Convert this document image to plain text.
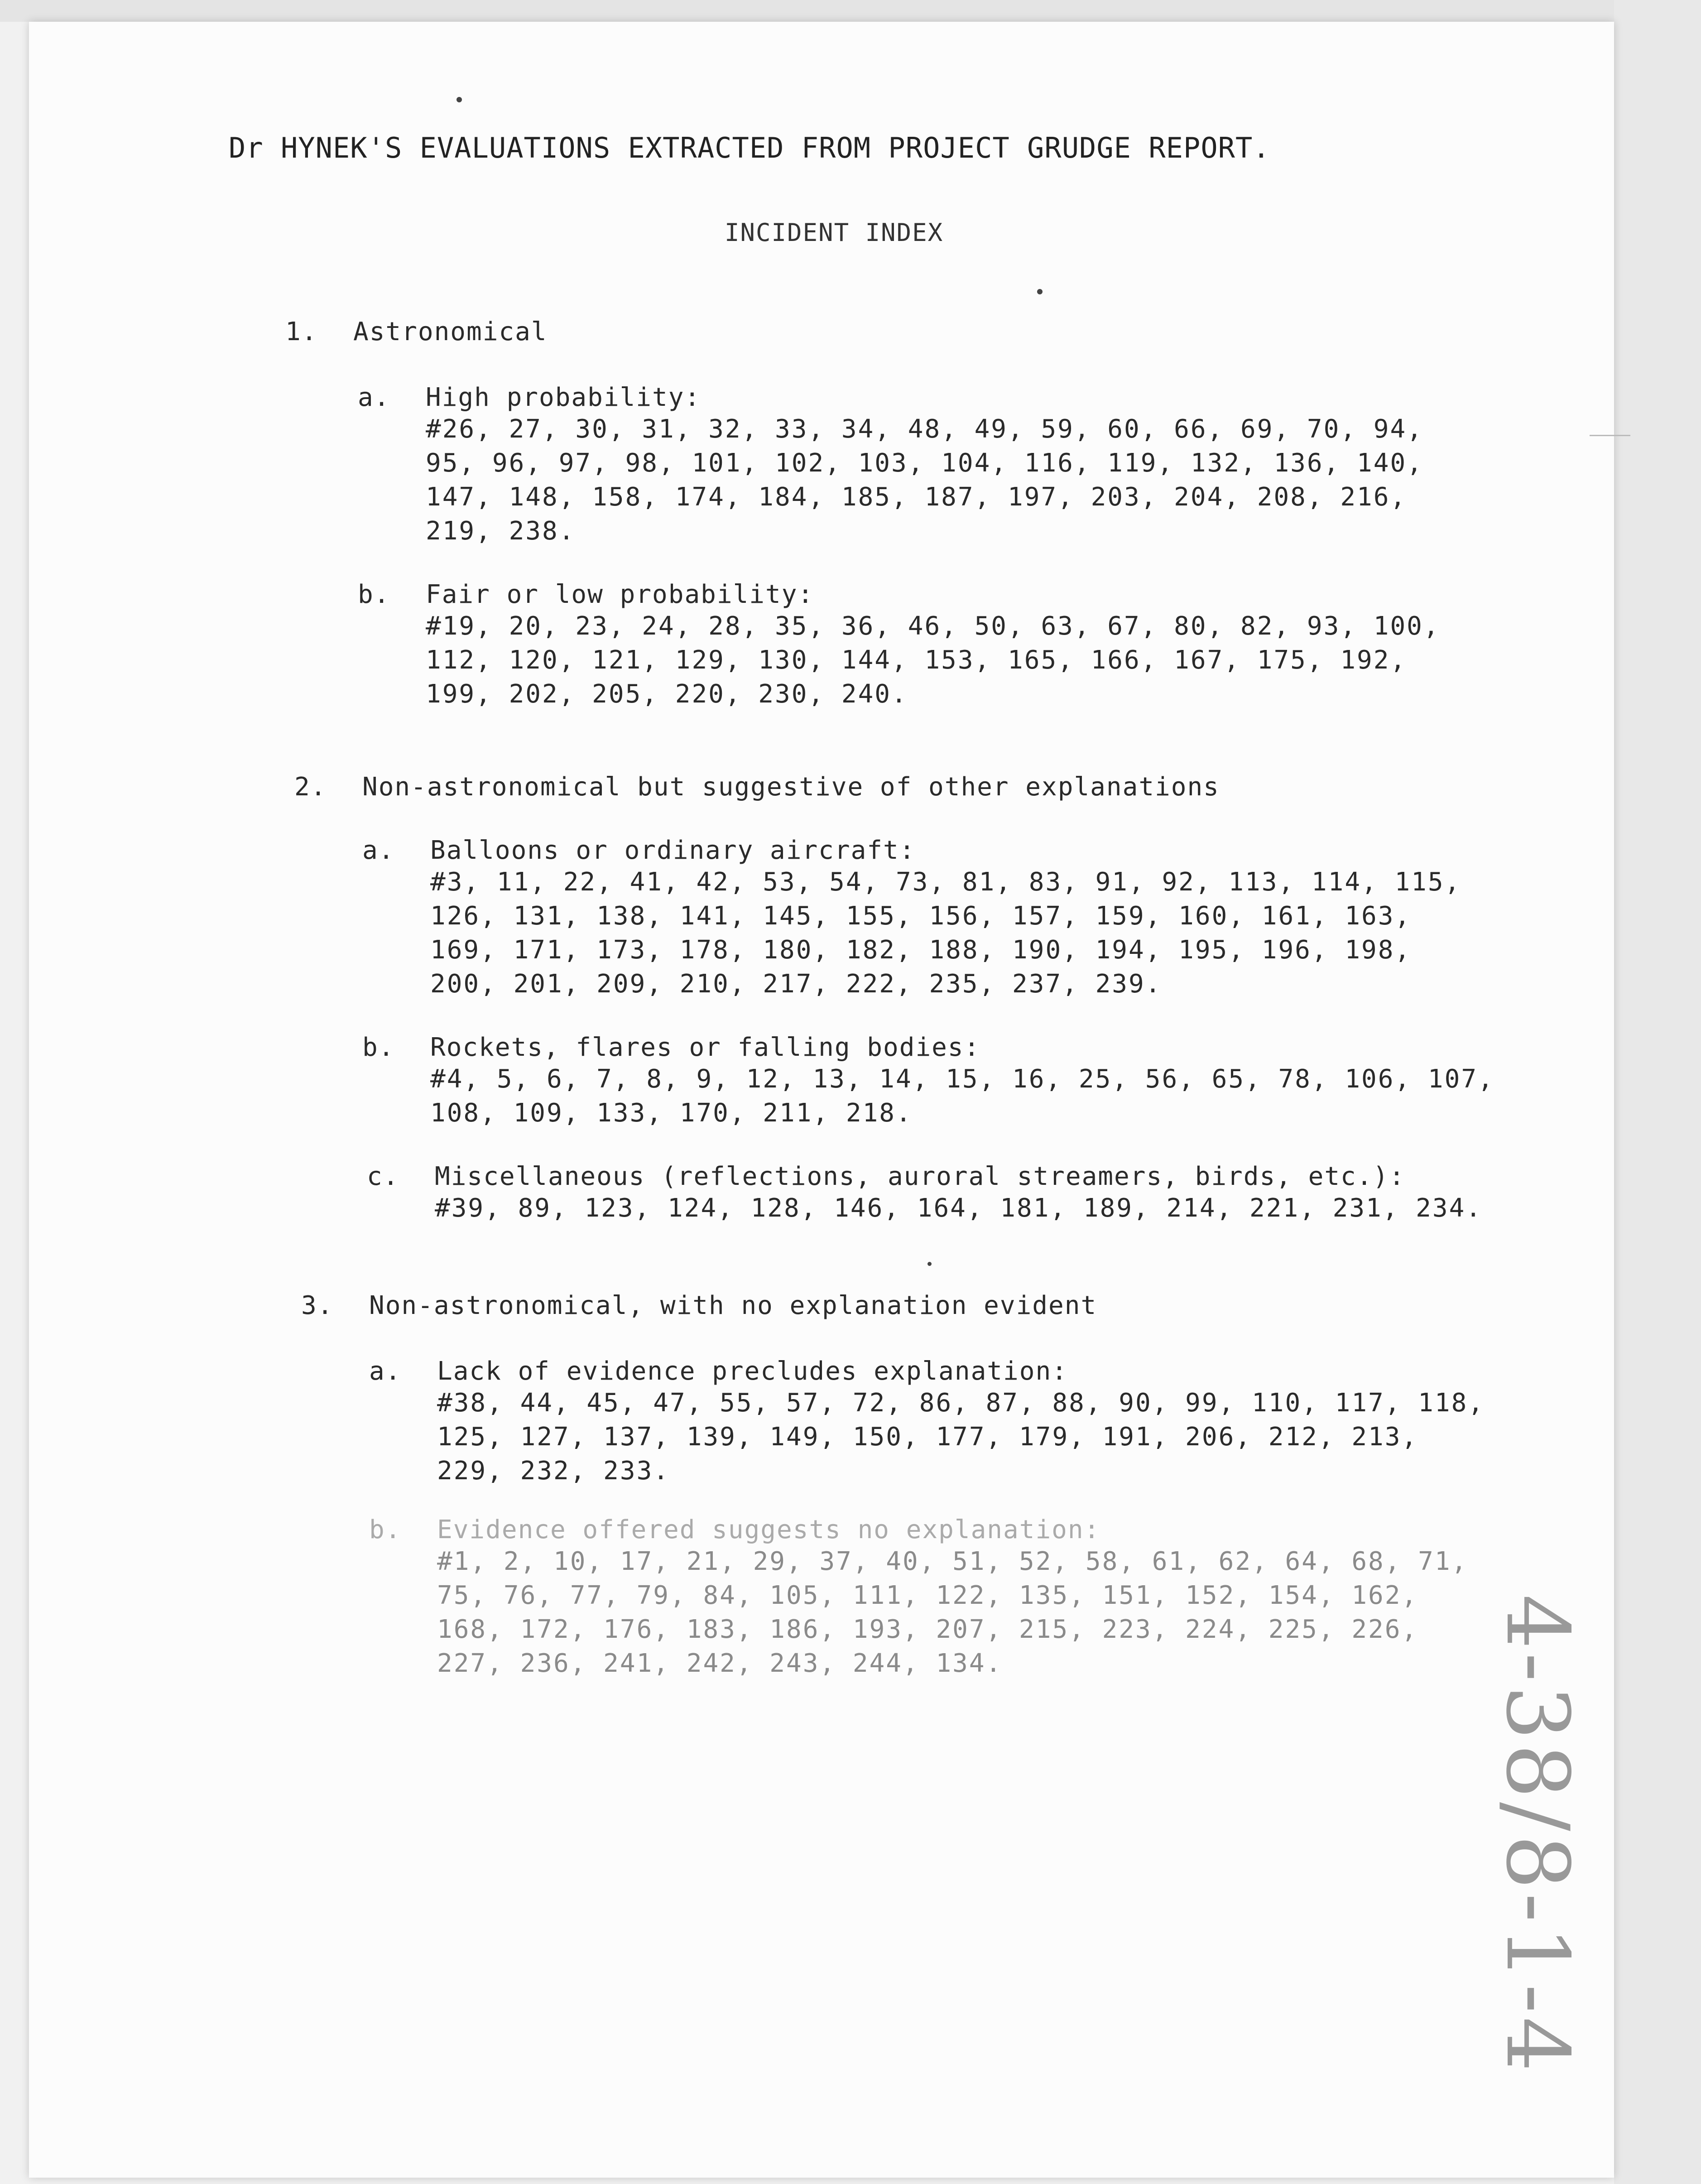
Dr HYNEK'S EVALUATIONS EXTRACTED FROM PROJECT GRUDGE REPORT.
INCIDENT INDEX
1. Astronomical
a. High probability:
#26, 27, 30, 31, 32, 33, 34, 48, 49, 59, 60, 66, 69, 70, 94,
95, 96, 97, 98, 101, 102, 103, 104, 116, 119, 132, 136, 140,
147, 148, 158, 174, 184, 185, 187, 197, 203, 204, 208, 216,
219, 238.
b. Fair or low probability:
#19, 20, 23, 24, 28, 35, 36, 46, 50, 63, 67, 80, 82, 93, 100,
112, 120, 121, 129, 130, 144, 153, 165, 166, 167, 175, 192,
199, 202, 205, 220, 230, 240.
2. Non-astronomical but suggestive of other explanations
a. Balloons or ordinary aircraft:
#3, 11, 22, 41, 42, 53, 54, 73, 81, 83, 91, 92, 113, 114, 115,
126, 131, 138, 141, 145, 155, 156, 157, 159, 160, 161, 163,
169, 171, 173, 178, 180, 182, 188, 190, 194, 195, 196, 198,
200, 201, 209, 210, 217, 222, 235, 237, 239.
b. Rockets, flares or falling bodies:
#4, 5, 6, 7, 8, 9, 12, 13, 14, 15, 16, 25, 56, 65, 78, 106, 107,
108, 109, 133, 170, 211, 218.
c. Miscellaneous (reflections, auroral streamers, birds, etc.):
#39, 89, 123, 124, 128, 146, 164, 181, 189, 214, 221, 231, 234.
3. Non-astronomical, with no explanation evident
a. Lack of evidence precludes explanation:
#38, 44, 45, 47, 55, 57, 72, 86, 87, 88, 90, 99, 110, 117, 118,
125, 127, 137, 139, 149, 150, 177, 179, 191, 206, 212, 213,
229, 232, 233.
b. Evidence offered suggests no explanation:
#1, 2, 10, 17, 21, 29, 37, 40, 51, 52, 58, 61, 62, 64, 68, 71,
75, 76, 77, 79, 84, 105, 111, 122, 135, 151, 152, 154, 162,
168, 172, 176, 183, 186, 193, 207, 215, 223, 224, 225, 226,
227, 236, 241, 242, 243, 244, 134.	4-38/8-1-4
